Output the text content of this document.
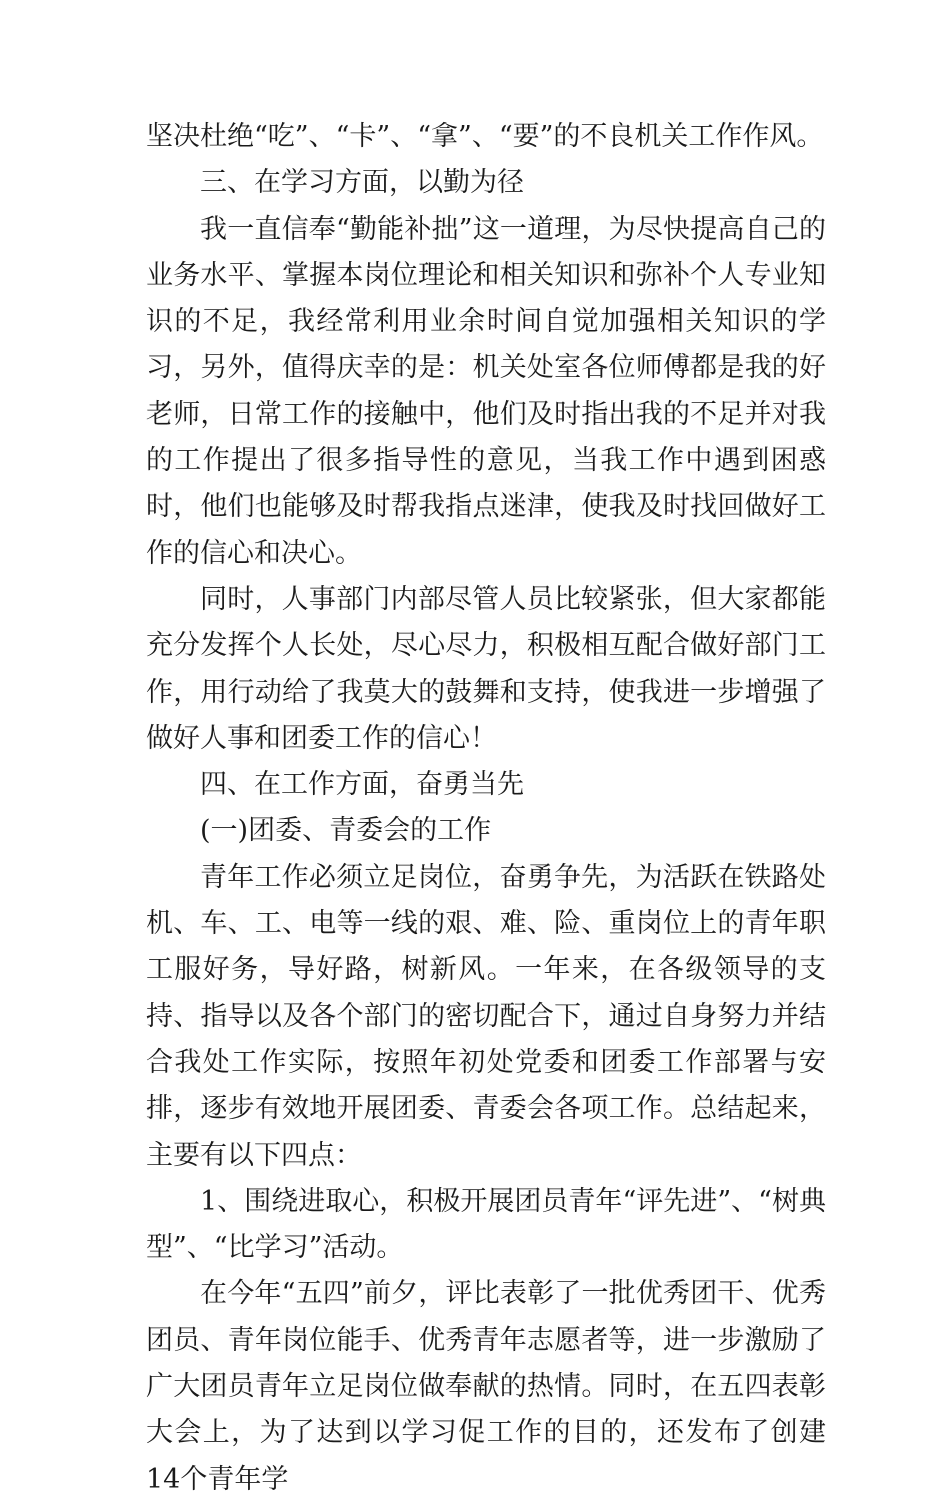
坚决杜绝“吃”、“卡”、“拿”、“要”的不良机关工作作风。

三、在学习方面，以勤为径

我一直信奉“勤能补拙”这一道理，为尽快提高自己的业务水平、掌握本岗位理论和相关知识和弥补个人专业知识的不足，我经常利用业余时间自觉加强相关知识的学习，另外，值得庆幸的是：机关处室各位师傅都是我的好老师，日常工作的接触中，他们及时指出我的不足并对我的工作提出了很多指导性的意见，当我工作中遇到困惑时，他们也能够及时帮我指点迷津，使我及时找回做好工作的信心和决心。

同时，人事部门内部尽管人员比较紧张，但大家都能充分发挥个人长处，尽心尽力，积极相互配合做好部门工作，用行动给了我莫大的鼓舞和支持，使我进一步增强了做好人事和团委工作的信心！

四、在工作方面，奋勇当先

(一)团委、青委会的工作

青年工作必须立足岗位，奋勇争先，为活跃在铁路处机、车、工、电等一线的艰、难、险、重岗位上的青年职工服好务，导好路，树新风。一年来，在各级领导的支持、指导以及各个部门的密切配合下，通过自身努力并结合我处工作实际，按照年初处党委和团委工作部署与安排，逐步有效地开展团委、青委会各项工作。总结起来，主要有以下四点：

1、围绕进取心，积极开展团员青年“评先进”、“树典型”、“比学习”活动。

在今年“五四”前夕，评比表彰了一批优秀团干、优秀团员、青年岗位能手、优秀青年志愿者等，进一步激励了广大团员青年立足岗位做奉献的热情。同时，在五四表彰大会上，为了达到以学习促工作的目的，还发布了创建14个青年学
